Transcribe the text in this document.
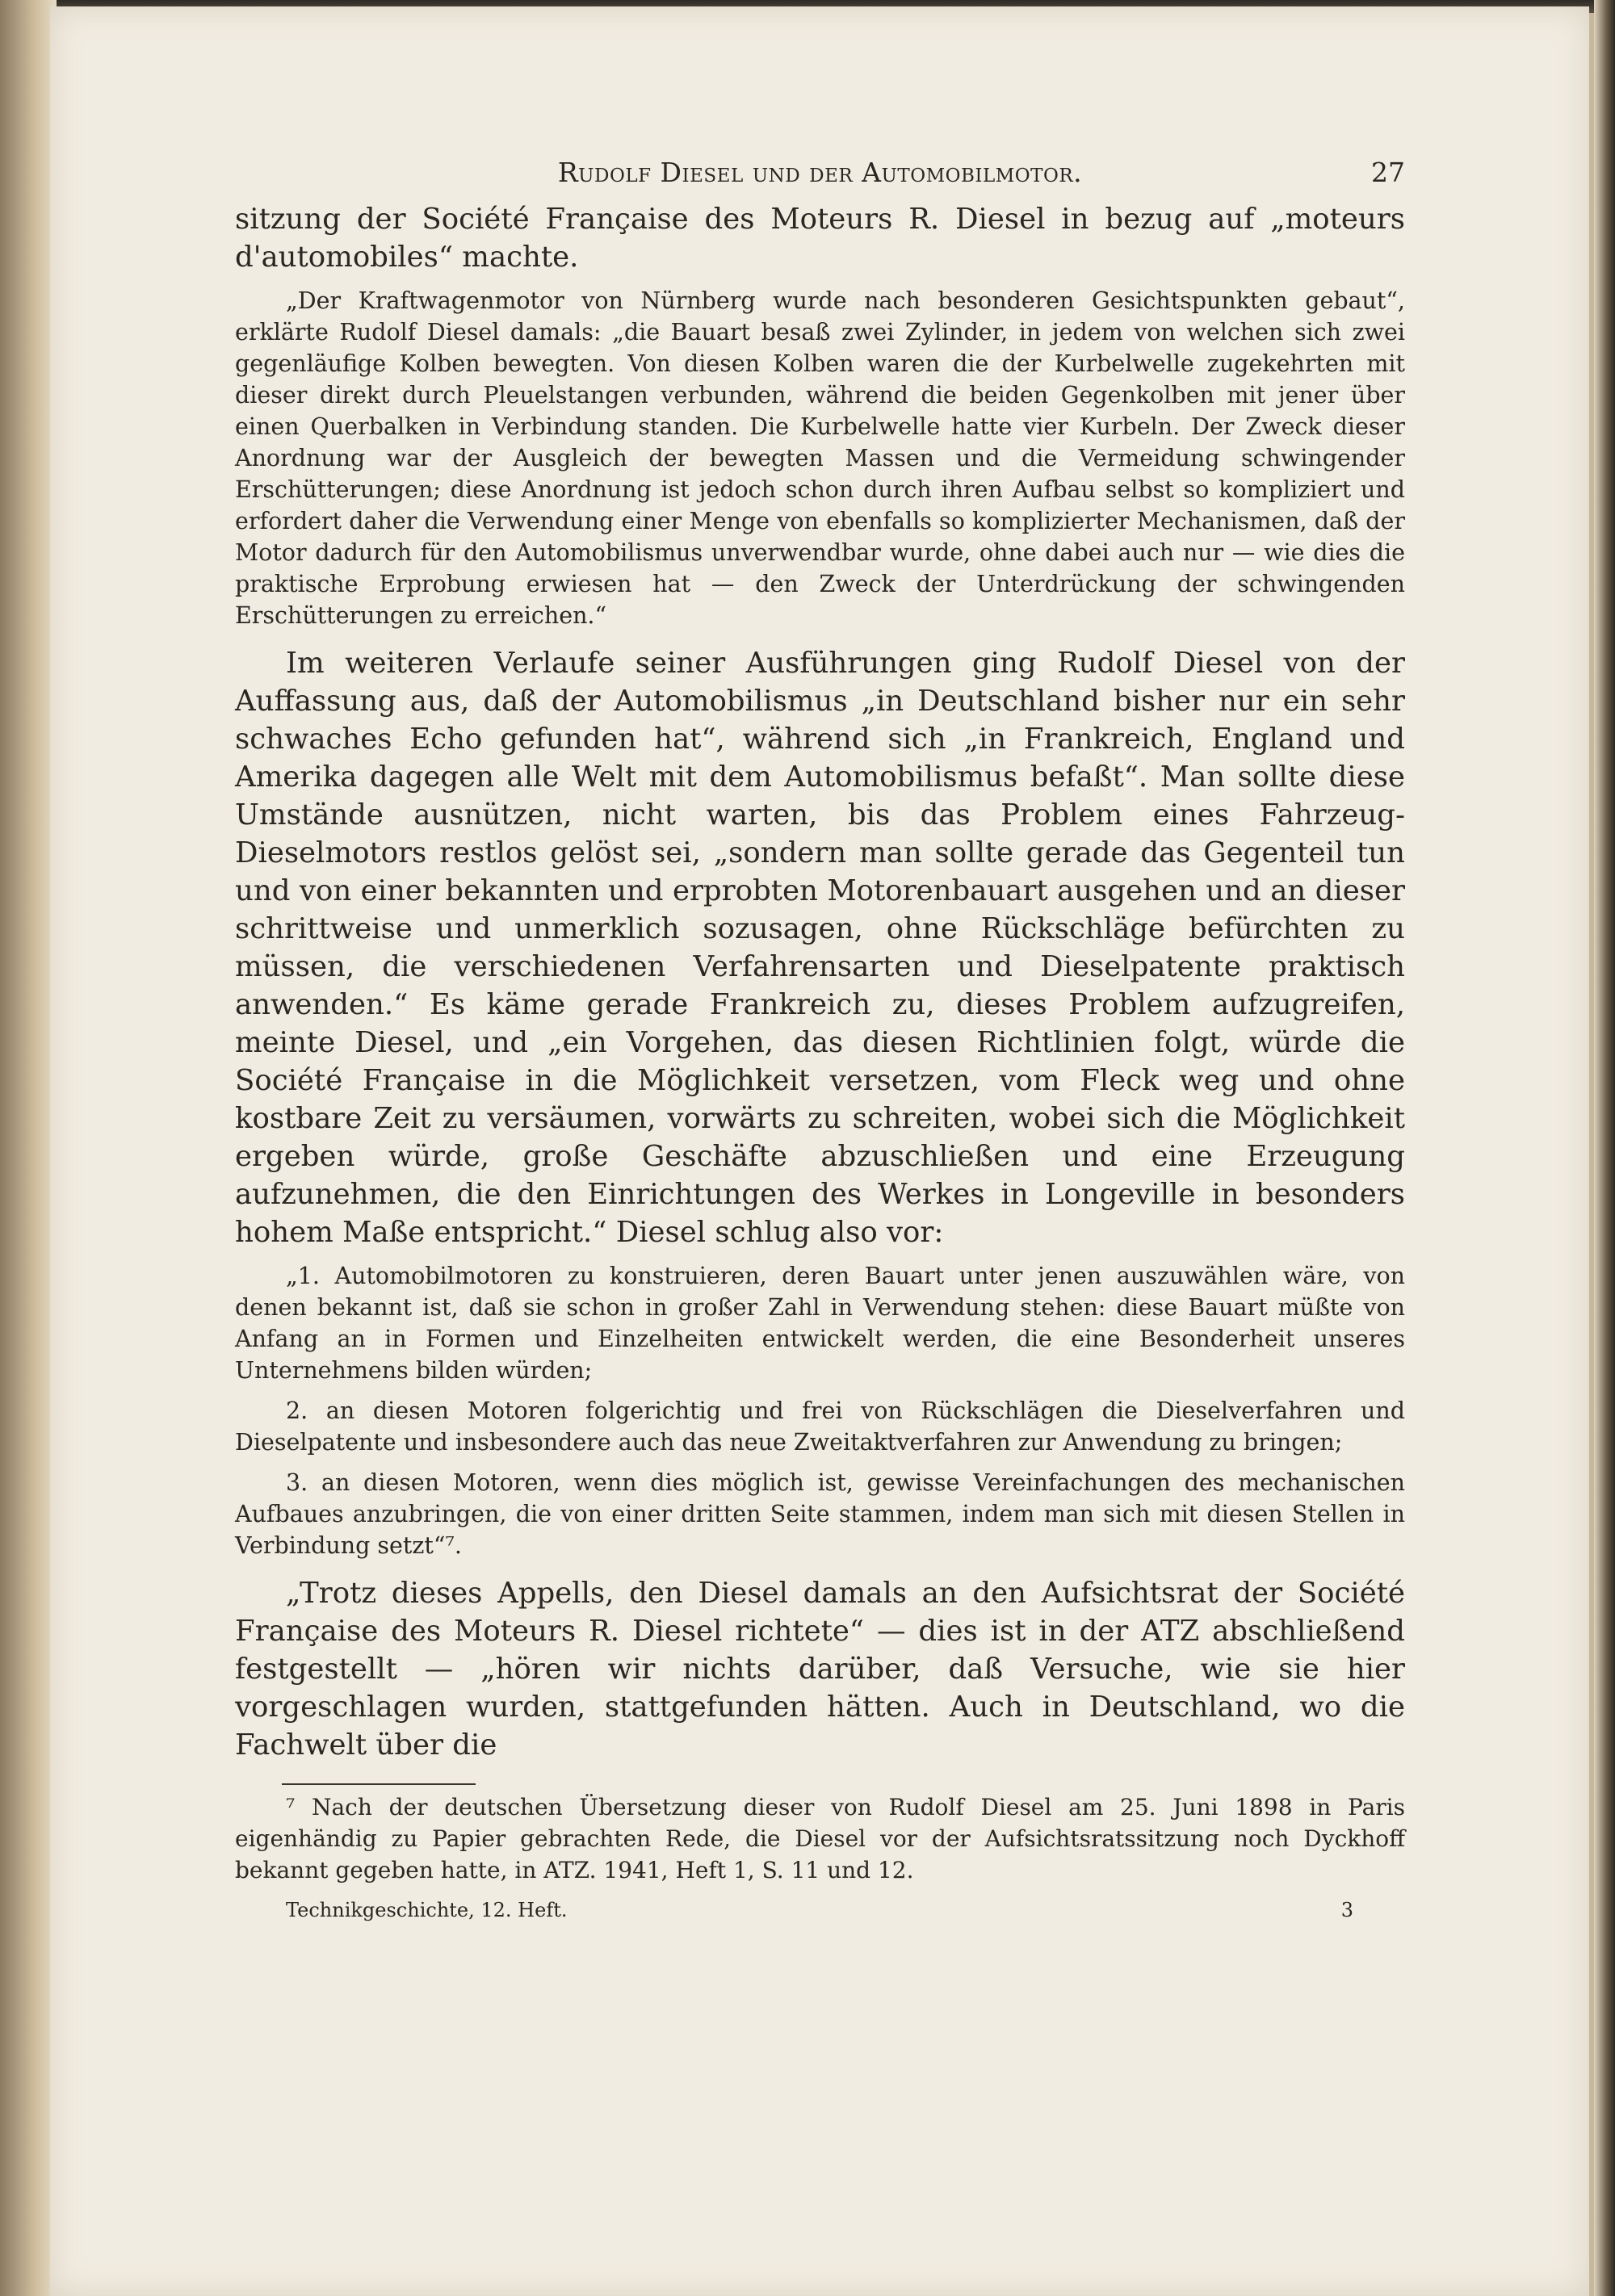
Rudolf Diesel und der Automobilmotor.	27

sitzung der Société Française des Moteurs R. Diesel in bezug auf „moteurs d'automobiles“ machte.

„Der Kraftwagenmotor von Nürnberg wurde nach besonderen Gesichtspunkten gebaut“, erklärte Rudolf Diesel damals: „die Bauart besaß zwei Zylinder, in jedem von welchen sich zwei gegenläufige Kolben bewegten. Von diesen Kolben waren die der Kurbelwelle zugekehrten mit dieser direkt durch Pleuelstangen verbunden, während die beiden Gegenkolben mit jener über einen Querbalken in Verbindung standen. Die Kurbelwelle hatte vier Kurbeln. Der Zweck dieser Anordnung war der Ausgleich der bewegten Massen und die Vermeidung schwingender Erschütterungen; diese Anordnung ist jedoch schon durch ihren Aufbau selbst so kompliziert und erfordert daher die Verwendung einer Menge von ebenfalls so komplizierter Mechanismen, daß der Motor dadurch für den Automobilismus unverwendbar wurde, ohne dabei auch nur — wie dies die praktische Erprobung erwiesen hat — den Zweck der Unterdrückung der schwingenden Erschütterungen zu erreichen.“

Im weiteren Verlaufe seiner Ausführungen ging Rudolf Diesel von der Auffassung aus, daß der Automobilismus „in Deutschland bisher nur ein sehr schwaches Echo gefunden hat“, während sich „in Frankreich, England und Amerika dagegen alle Welt mit dem Automobilismus befaßt“. Man sollte diese Umstände ausnützen, nicht warten, bis das Problem eines Fahrzeug-Dieselmotors restlos gelöst sei, „sondern man sollte gerade das Gegenteil tun und von einer bekannten und erprobten Motorenbauart ausgehen und an dieser schrittweise und unmerklich sozusagen, ohne Rückschläge befürchten zu müssen, die verschiedenen Verfahrensarten und Dieselpatente praktisch anwenden.“ Es käme gerade Frankreich zu, dieses Problem aufzugreifen, meinte Diesel, und „ein Vorgehen, das diesen Richtlinien folgt, würde die Société Française in die Möglichkeit versetzen, vom Fleck weg und ohne kostbare Zeit zu versäumen, vorwärts zu schreiten, wobei sich die Möglichkeit ergeben würde, große Geschäfte abzuschließen und eine Erzeugung aufzunehmen, die den Einrichtungen des Werkes in Longeville in besonders hohem Maße entspricht.“ Diesel schlug also vor:

„1. Automobilmotoren zu konstruieren, deren Bauart unter jenen auszuwählen wäre, von denen bekannt ist, daß sie schon in großer Zahl in Verwendung stehen: diese Bauart müßte von Anfang an in Formen und Einzelheiten entwickelt werden, die eine Besonderheit unseres Unternehmens bilden würden;

2. an diesen Motoren folgerichtig und frei von Rückschlägen die Dieselverfahren und Dieselpatente und insbesondere auch das neue Zweitaktverfahren zur Anwendung zu bringen;

3. an diesen Motoren, wenn dies möglich ist, gewisse Vereinfachungen des mechanischen Aufbaues anzubringen, die von einer dritten Seite stammen, indem man sich mit diesen Stellen in Verbindung setzt“⁷.

„Trotz dieses Appells, den Diesel damals an den Aufsichtsrat der Société Française des Moteurs R. Diesel richtete“ — dies ist in der ATZ abschließend festgestellt — „hören wir nichts darüber, daß Versuche, wie sie hier vorgeschlagen wurden, stattgefunden hätten. Auch in Deutschland, wo die Fachwelt über die

⁷ Nach der deutschen Übersetzung dieser von Rudolf Diesel am 25. Juni 1898 in Paris eigenhändig zu Papier gebrachten Rede, die Diesel vor der Aufsichtsratssitzung noch Dyckhoff bekannt gegeben hatte, in ATZ. 1941, Heft 1, S. 11 und 12.

Technikgeschichte, 12. Heft.	3
